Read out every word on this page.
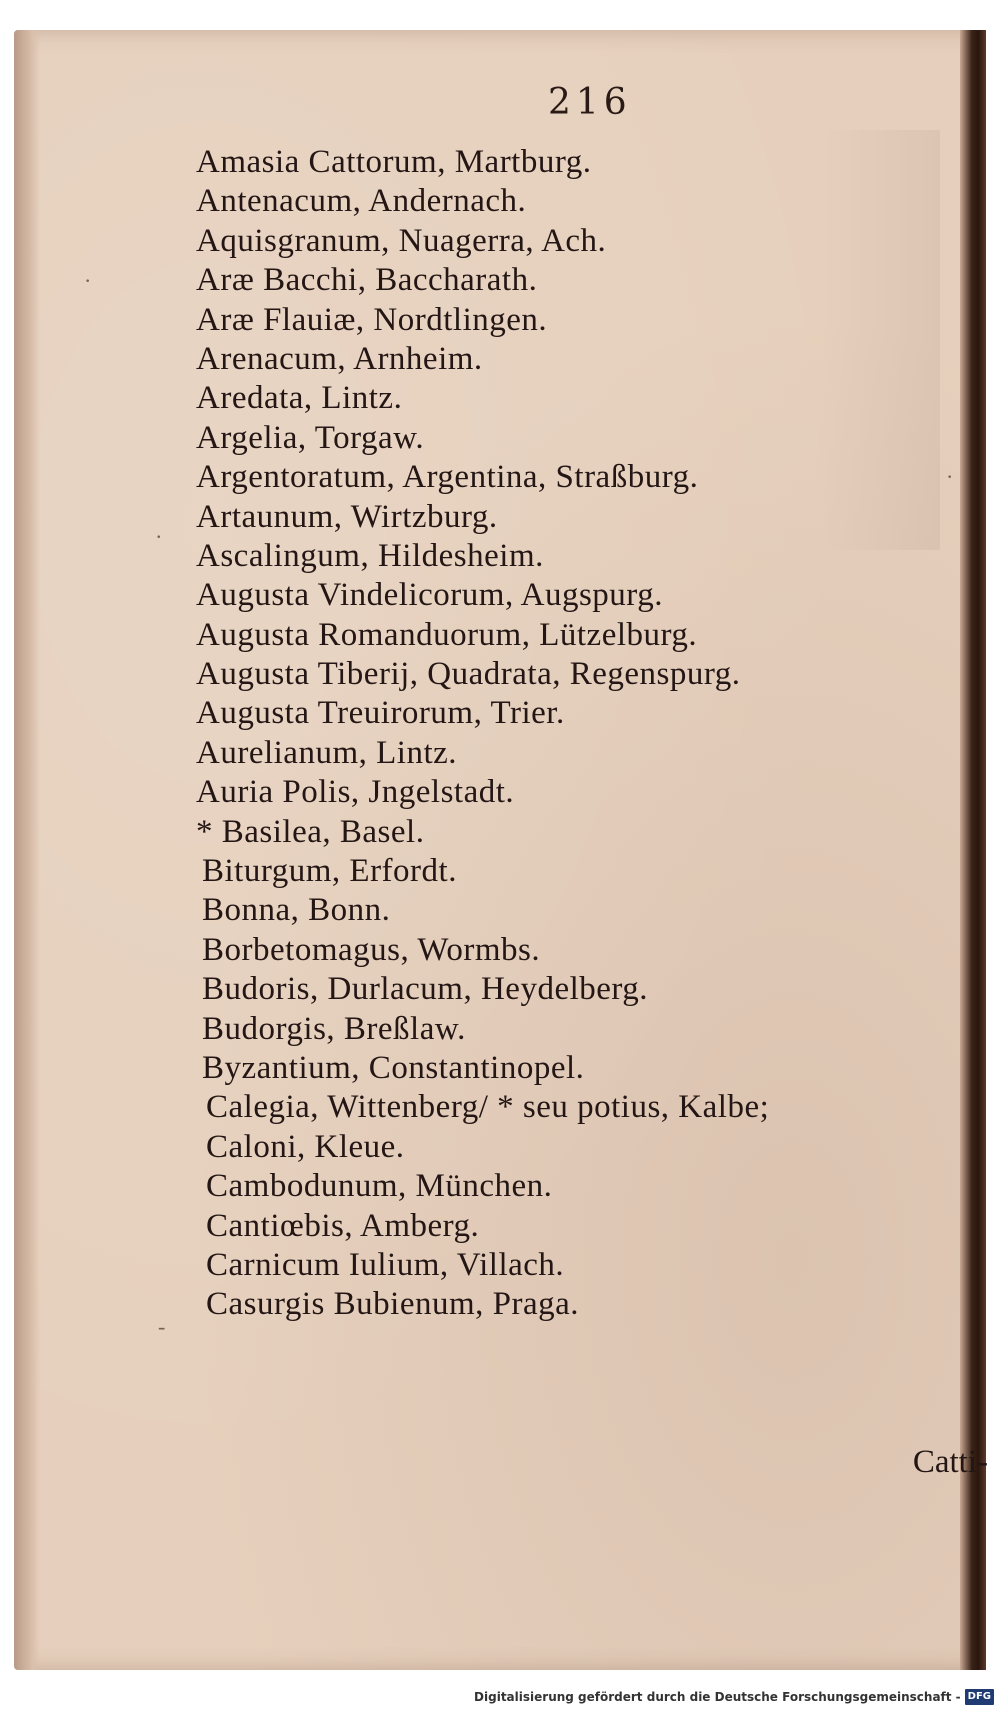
·
.
-
·

216

Amasia Cattorum, Martburg.
Antenacum, Andernach.
Aquisgranum, Nuagerra, Ach.
Aræ Bacchi, Baccharath.
Aræ Flauiæ, Nordtlingen.
Arenacum, Arnheim.
Aredata, Lintz.
Argelia, Torgaw.
Argentoratum, Argentina, Straßburg.
Artaunum, Wirtzburg.
Ascalingum, Hildesheim.
Augusta Vindelicorum, Augspurg.
Augusta Romanduorum, Lützelburg.
Augusta Tiberij, Quadrata, Regenspurg.
Augusta Treuirorum, Trier.
Aurelianum, Lintz.
Auria Polis, Jngelstadt.
* Basilea, Basel.
Biturgum, Erfordt.
Bonna, Bonn.
Borbetomagus, Wormbs.
Budoris, Durlacum, Heydelberg.
Budorgis, Breßlaw.
Byzantium, Constantinopel.
Calegia, Wittenberg/ * seu potius, Kalbe;
Caloni, Kleue.
Cambodunum, München.
Cantiœbis, Amberg.
Carnicum Iulium, Villach.
Casurgis Bubienum, Praga.

Catti-

Digitalisierung gefördert durch die Deutsche Forschungsgemeinschaft - DFG
